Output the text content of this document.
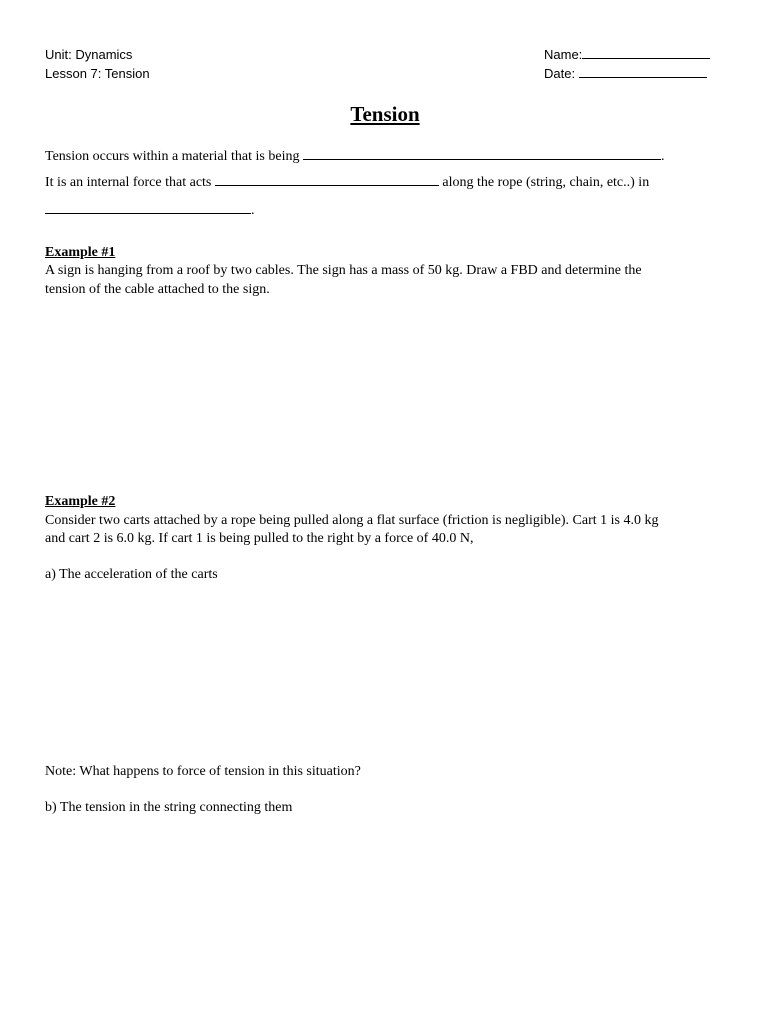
Unit: Dynamics
Lesson 7: Tension
Name:
Date:
Tension
Tension occurs within a material that is being	.
It is an internal force that acts	along the rope (string, chain, etc..) in
.
Example #1
A sign is hanging from a roof by two cables. The sign has a mass of 50 kg. Draw a FBD and determine the
tension of the cable attached to the sign.
Example #2
Consider two carts attached by a rope being pulled along a flat surface (friction is negligible). Cart 1 is 4.0 kg
and cart 2 is 6.0 kg. If cart 1 is being pulled to the right by a force of 40.0 N,
a) The acceleration of the carts
Note: What happens to force of tension in this situation?
b) The tension in the string connecting them
